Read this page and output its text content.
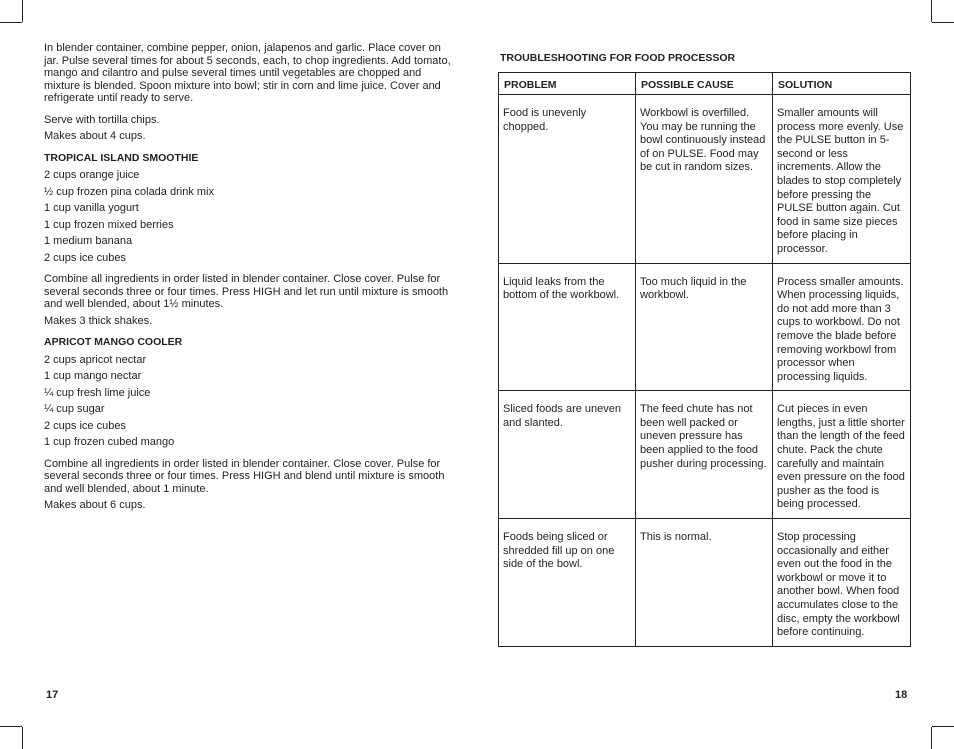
In blender container, combine pepper, onion, jalapenos and garlic. Place cover on jar. Pulse several times for about 5 seconds, each, to chop ingredients. Add tomato, mango and cilantro and pulse several times until vegetables are chopped and mixture is blended. Spoon mixture into bowl; stir in corn and lime juice. Cover and refrigerate until ready to serve.

Serve with tortilla chips.

Makes about 4 cups.

TROPICAL ISLAND SMOOTHIE

2 cups orange juice

½ cup frozen pina colada drink mix

1 cup vanilla yogurt

1 cup frozen mixed berries

1 medium banana

2 cups ice cubes

Combine all ingredients in order listed in blender container. Close cover. Pulse for several seconds three or four times. Press HIGH and let run until mixture is smooth and well blended, about 1½ minutes.

Makes 3 thick shakes.

APRICOT MANGO COOLER

2 cups apricot nectar

1 cup mango nectar

¼ cup fresh lime juice

¼ cup sugar

2 cups ice cubes

1 cup frozen cubed mango

Combine all ingredients in order listed in blender container. Close cover. Pulse for several seconds three or four times. Press HIGH and blend until mixture is smooth and well blended, about 1 minute.

Makes about 6 cups.

17
TROUBLESHOOTING FOR FOOD PROCESSOR
PROBLEM	POSSIBLE CAUSE	SOLUTION
Food is unevenly chopped.	Workbowl is overfilled. You may be running the bowl continuously instead of on PULSE. Food may be cut in random sizes.	Smaller amounts will process more evenly. Use the PULSE button in 5-second or less increments. Allow the blades to stop completely before pressing the PULSE button again. Cut food in same size pieces before placing in processor.
Liquid leaks from the bottom of the workbowl.	Too much liquid in the workbowl.	Process smaller amounts. When processing liquids, do not add more than 3 cups to workbowl. Do not remove the blade before removing workbowl from processor when processing liquids.
Sliced foods are uneven and slanted.	The feed chute has not been well packed or uneven pressure has been applied to the food pusher during processing.	Cut pieces in even lengths, just a little shorter than the length of the feed chute. Pack the chute carefully and maintain even pressure on the food pusher as the food is being processed.
Foods being sliced or shredded fill up on one side of the bowl.	This is normal.	Stop processing occasionally and either even out the food in the workbowl or move it to another bowl. When food accumulates close to the disc, empty the workbowl before continuing.
18
